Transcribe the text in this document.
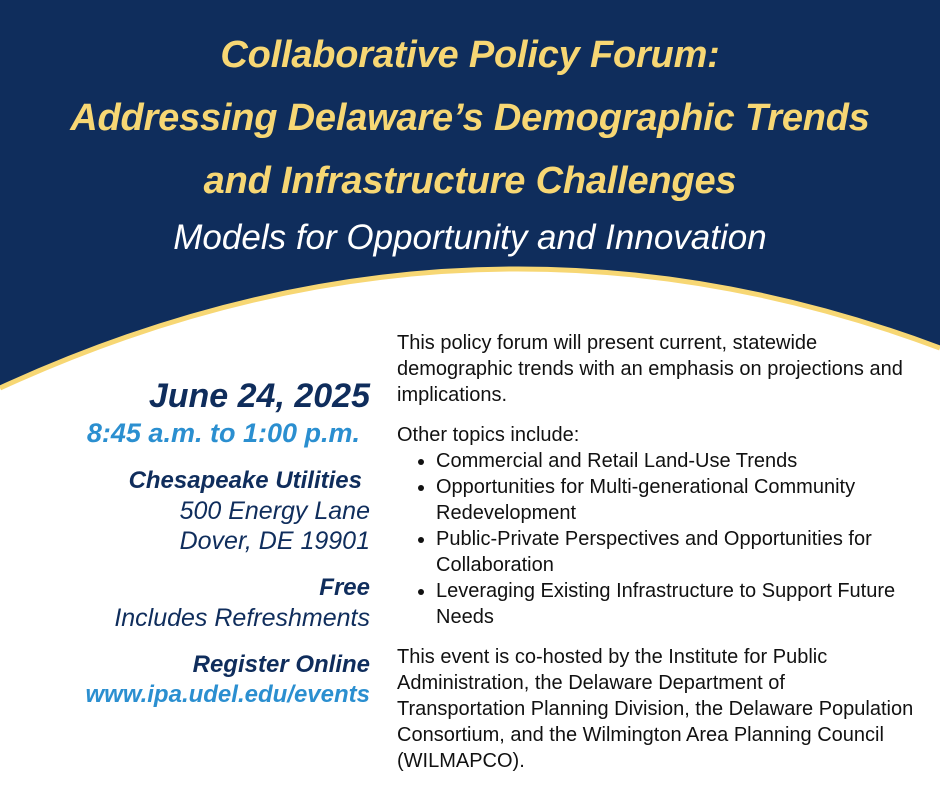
Collaborative Policy Forum:
Addressing Delaware’s Demographic Trends
and Infrastructure Challenges
Models for Opportunity and Innovation
June 24, 2025
8:45 a.m. to 1:00 p.m.
Chesapeake Utilities
500 Energy Lane
Dover, DE 19901
Free
Includes Refreshments
Register Online
www.ipa.udel.edu/events

This policy forum will present current, statewide demographic trends with an emphasis on projections and implications.

Other topics include:

• Commercial and Retail Land-Use Trends
• Opportunities for Multi-generational Community Redevelopment
• Public-Private Perspectives and Opportunities for Collaboration
• Leveraging Existing Infrastructure to Support Future Needs

This event is co-hosted by the Institute for Public Administration, the Delaware Department of Transportation Planning Division, the Delaware Population Consortium, and the Wilmington Area Planning Council (WILMAPCO).
